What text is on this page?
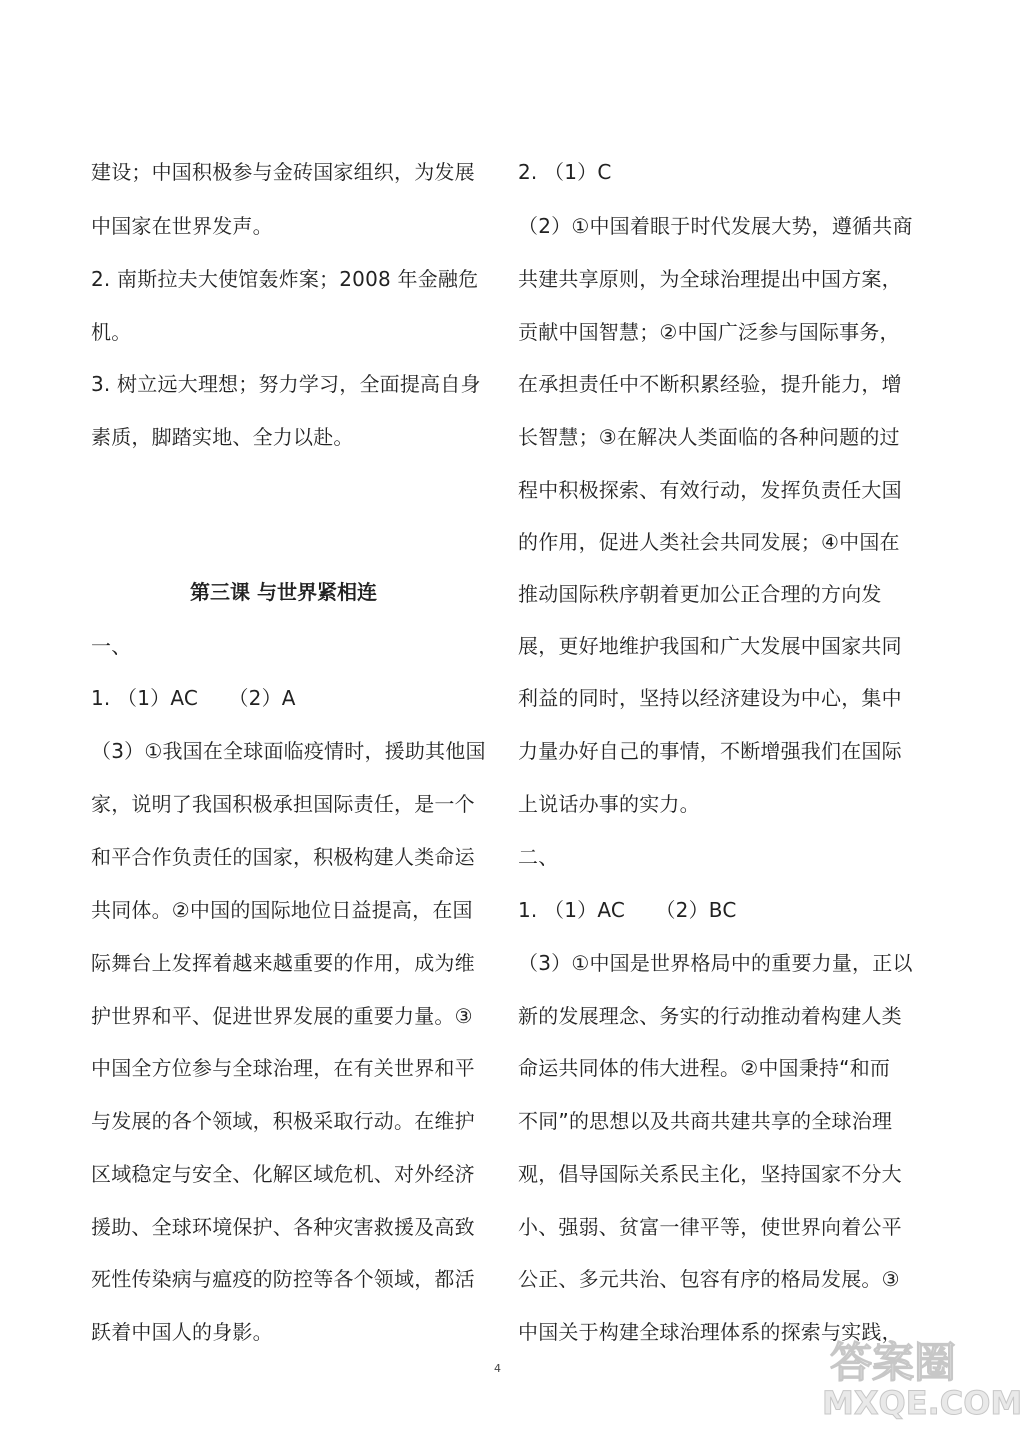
建设；中国积极参与金砖国家组织，为发展
中国家在世界发声。
2. 南斯拉夫大使馆轰炸案；2008 年金融危
机。
3. 树立远大理想；努力学习，全面提高自身
素质，脚踏实地、全力以赴。
第三课 与世界紧相连
一、
1. （1）AC　　（2）A
（3）①我国在全球面临疫情时，援助其他国
家，说明了我国积极承担国际责任，是一个
和平合作负责任的国家，积极构建人类命运
共同体。②中国的国际地位日益提高，在国
际舞台上发挥着越来越重要的作用，成为维
护世界和平、促进世界发展的重要力量。③
中国全方位参与全球治理，在有关世界和平
与发展的各个领域，积极采取行动。在维护
区域稳定与安全、化解区域危机、对外经济
援助、全球环境保护、各种灾害救援及高致
死性传染病与瘟疫的防控等各个领域，都活
跃着中国人的身影。
2. （1）C
（2）①中国着眼于时代发展大势，遵循共商
共建共享原则，为全球治理提出中国方案，
贡献中国智慧；②中国广泛参与国际事务，
在承担责任中不断积累经验，提升能力，增
长智慧；③在解决人类面临的各种问题的过
程中积极探索、有效行动，发挥负责任大国
的作用，促进人类社会共同发展；④中国在
推动国际秩序朝着更加公正合理的方向发
展，更好地维护我国和广大发展中国家共同
利益的同时，坚持以经济建设为中心，集中
力量办好自己的事情，不断增强我们在国际
上说话办事的实力。
二、
1. （1）AC　　（2）BC
（3）①中国是世界格局中的重要力量，正以
新的发展理念、务实的行动推动着构建人类
命运共同体的伟大进程。②中国秉持“和而
不同”的思想以及共商共建共享的全球治理
观，倡导国际关系民主化，坚持国家不分大
小、强弱、贫富一律平等，使世界向着公平
公正、多元共治、包容有序的格局发展。③
中国关于构建全球治理体系的探索与实践，
4	答案圈
MXQE.COM
